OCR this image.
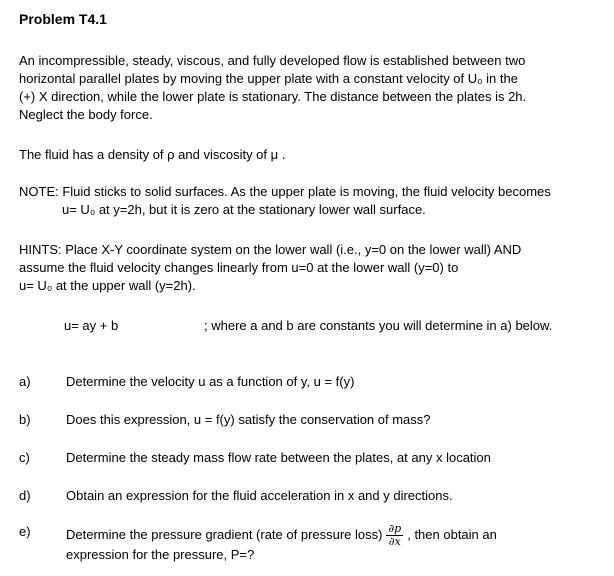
Problem T4.1
An incompressible, steady, viscous, and fully developed flow is established between two
horizontal parallel plates by moving the upper plate with a constant velocity of U₀ in the
(+) X direction, while the lower plate is stationary. The distance between the plates is 2h.
Neglect the body force.
The fluid has a density of ρ and viscosity of μ .
NOTE: Fluid sticks to solid surfaces. As the upper plate is moving, the fluid velocity becomes
u= U₀ at y=2h, but it is zero at the stationary lower wall surface.
HINTS: Place X-Y coordinate system on the lower wall (i.e., y=0 on the lower wall) AND
assume the fluid velocity changes linearly from u=0 at the lower wall (y=0) to
u= U₀ at the upper wall (y=2h).
u= ay + b	; where a and b are constants you will determine in a) below.
a)	Determine the velocity u as a function of y, u = f(y)
b)	Does this expression, u = f(y) satisfy the conservation of mass?
c)	Determine the steady mass flow rate between the plates, at any x location
d)	Obtain an expression for the fluid acceleration in x and y directions.
e)	Determine the pressure gradient (rate of pressure loss) $\frac{\partial p}{\partial x}$ , then obtain an
expression for the pressure, P=?
